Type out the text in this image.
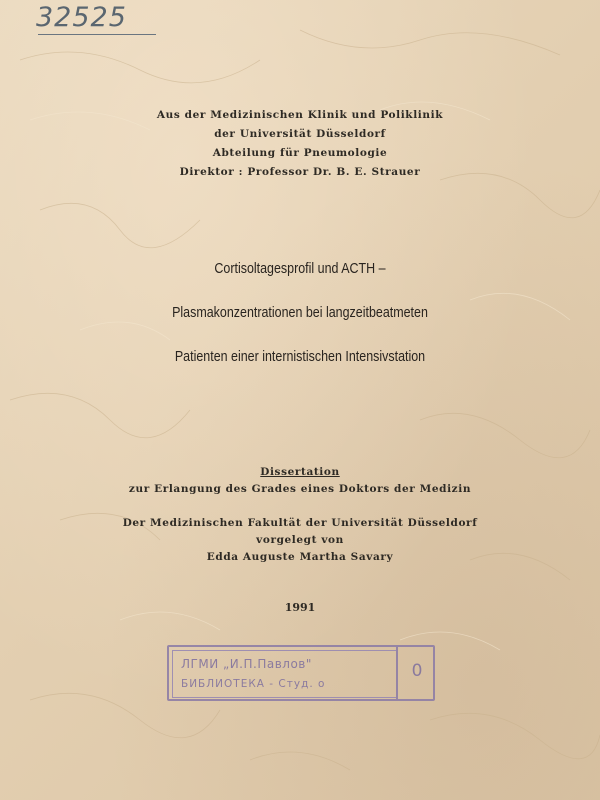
32525
Aus der Medizinischen Klinik und Poliklinik
der Universität Düsseldorf
Abteilung für Pneumologie
Direktor : Professor Dr. B. E. Strauer
Cortisoltagesprofil und ACTH –
Plasmakonzentrationen bei langzeitbeatmeten
Patienten einer internistischen Intensivstation
Dissertation
zur Erlangung des Grades eines Doktors der Medizin
Der Medizinischen Fakultät der Universität Düsseldorf
vorgelegt von
Edda Auguste Martha Savary
1991
ЛГМИ „И.П.Павлов"
БИБЛИОТЕКА - Студ. о
0
